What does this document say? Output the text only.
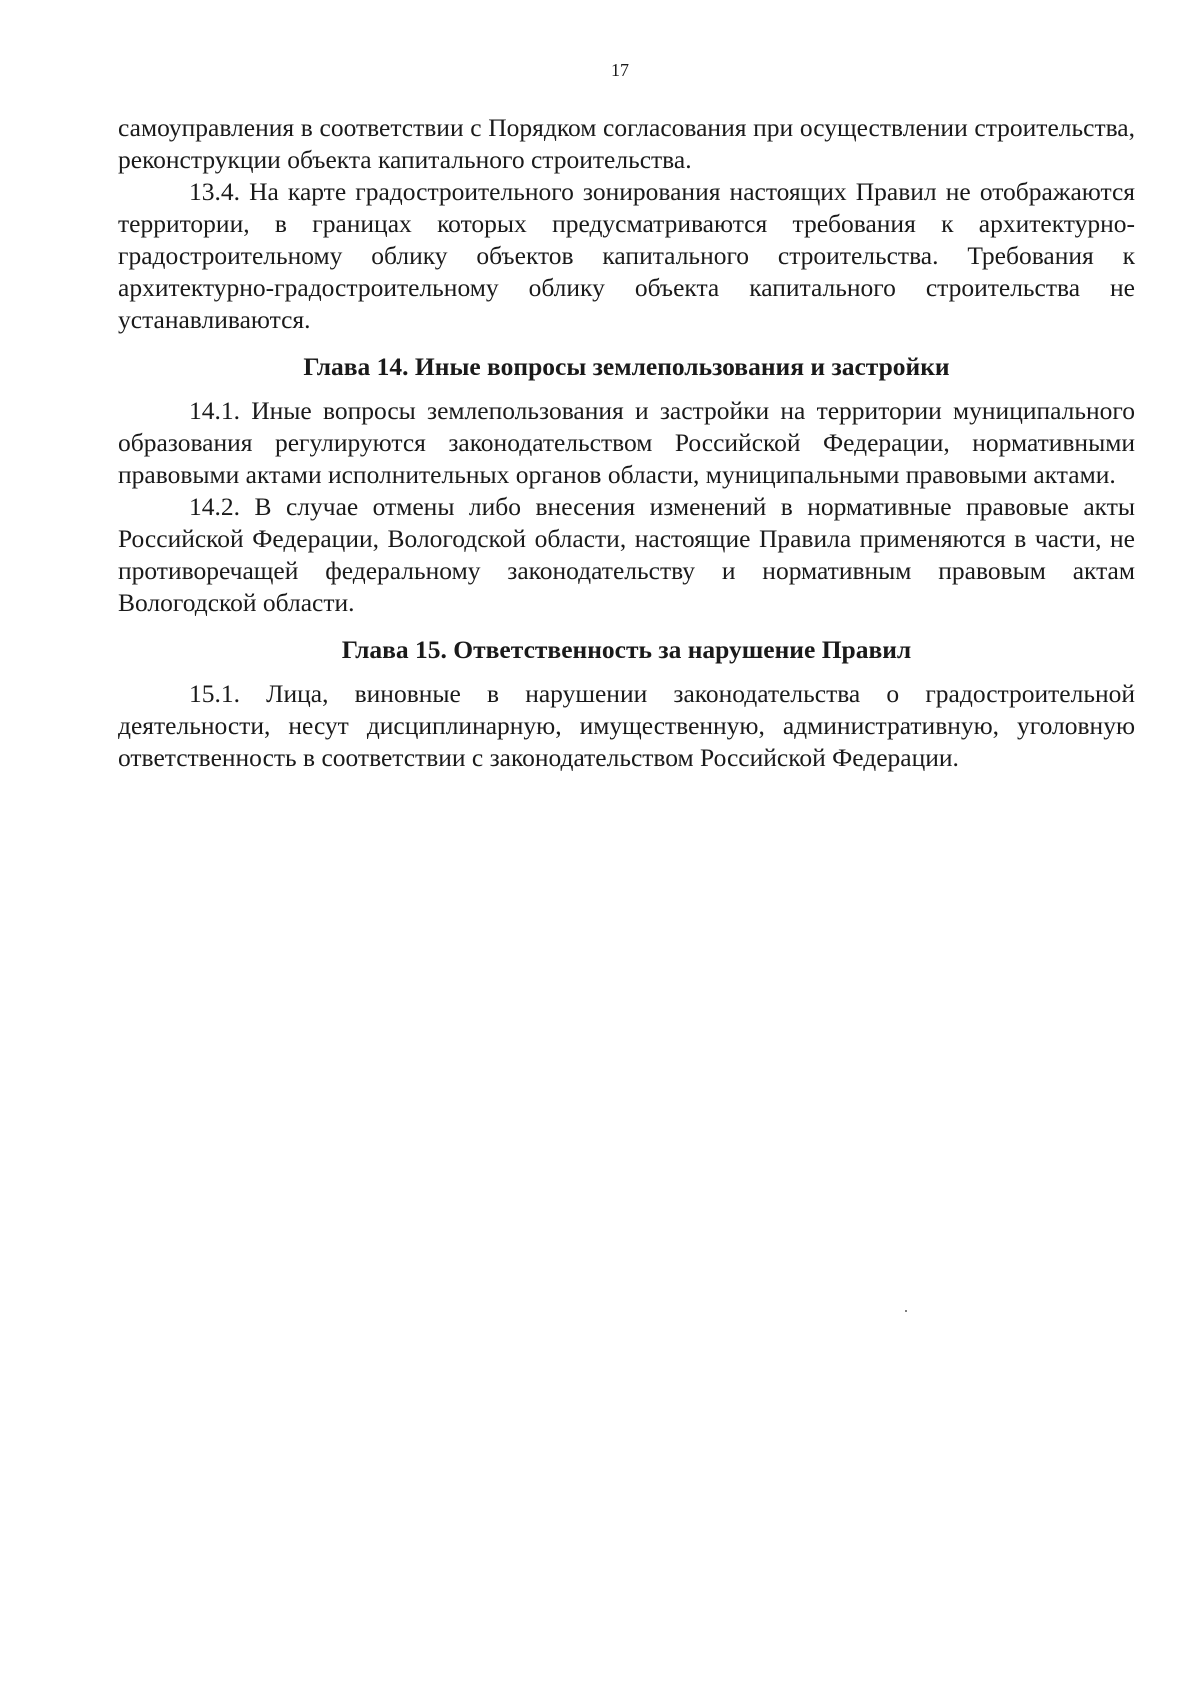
17

самоуправления в соответствии с Порядком согласования при осуществлении строительства, реконструкции объекта капитального строительства.

13.4. На карте градостроительного зонирования настоящих Правил не отображаются территории, в границах которых предусматриваются требования к архитектурно-градостроительному облику объектов капитального строительства. Требования к архитектурно-градостроительному облику объекта капитального строительства не устанавливаются.

Глава 14. Иные вопросы землепользования и застройки

14.1. Иные вопросы землепользования и застройки на территории муниципального образования регулируются законодательством Российской Федерации, нормативными правовыми актами исполнительных органов области, муниципальными правовыми актами.

14.2. В случае отмены либо внесения изменений в нормативные правовые акты Российской Федерации, Вологодской области, настоящие Правила применяются в части, не противоречащей федеральному законодательству и нормативным правовым актам Вологодской области.

Глава 15. Ответственность за нарушение Правил

15.1. Лица, виновные в нарушении законодательства о градостроительной деятельности, несут дисциплинарную, имущественную, административную, уголовную ответственность в соответствии с законодательством Российской Федерации.
